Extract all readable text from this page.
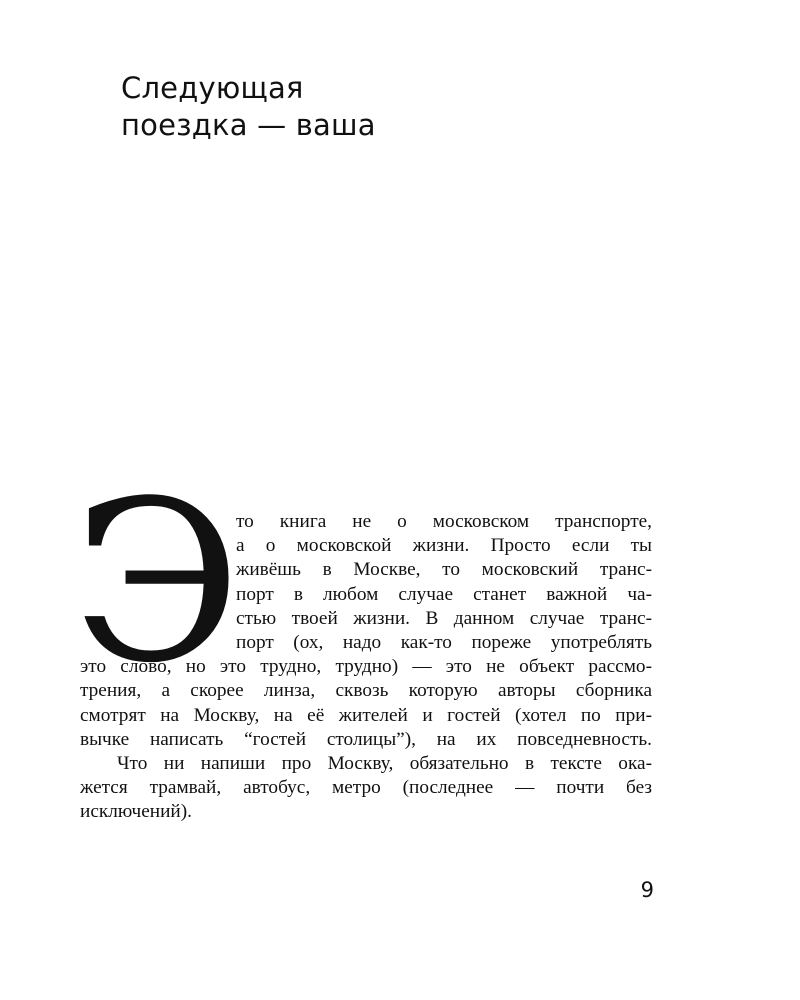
Следующая
поездка — ваша
Э
то книга не о московском транспорте,
а о московской жизни. Просто если ты
живёшь в Москве, то московский транс-
порт в любом случае станет важной ча-
стью твоей жизни. В данном случае транс-
порт (ох, надо как-то пореже употреблять
это слово, но это трудно, трудно) — это не объект рассмо-
трения, а скорее линза, сквозь которую авторы сборника
смотрят на Москву, на её жителей и гостей (хотел по при-
вычке написать “гостей столицы”), на их повседневность.
Что ни напиши про Москву, обязательно в тексте ока-
жется трамвай, автобус, метро (последнее — почти без
исключений).
9
